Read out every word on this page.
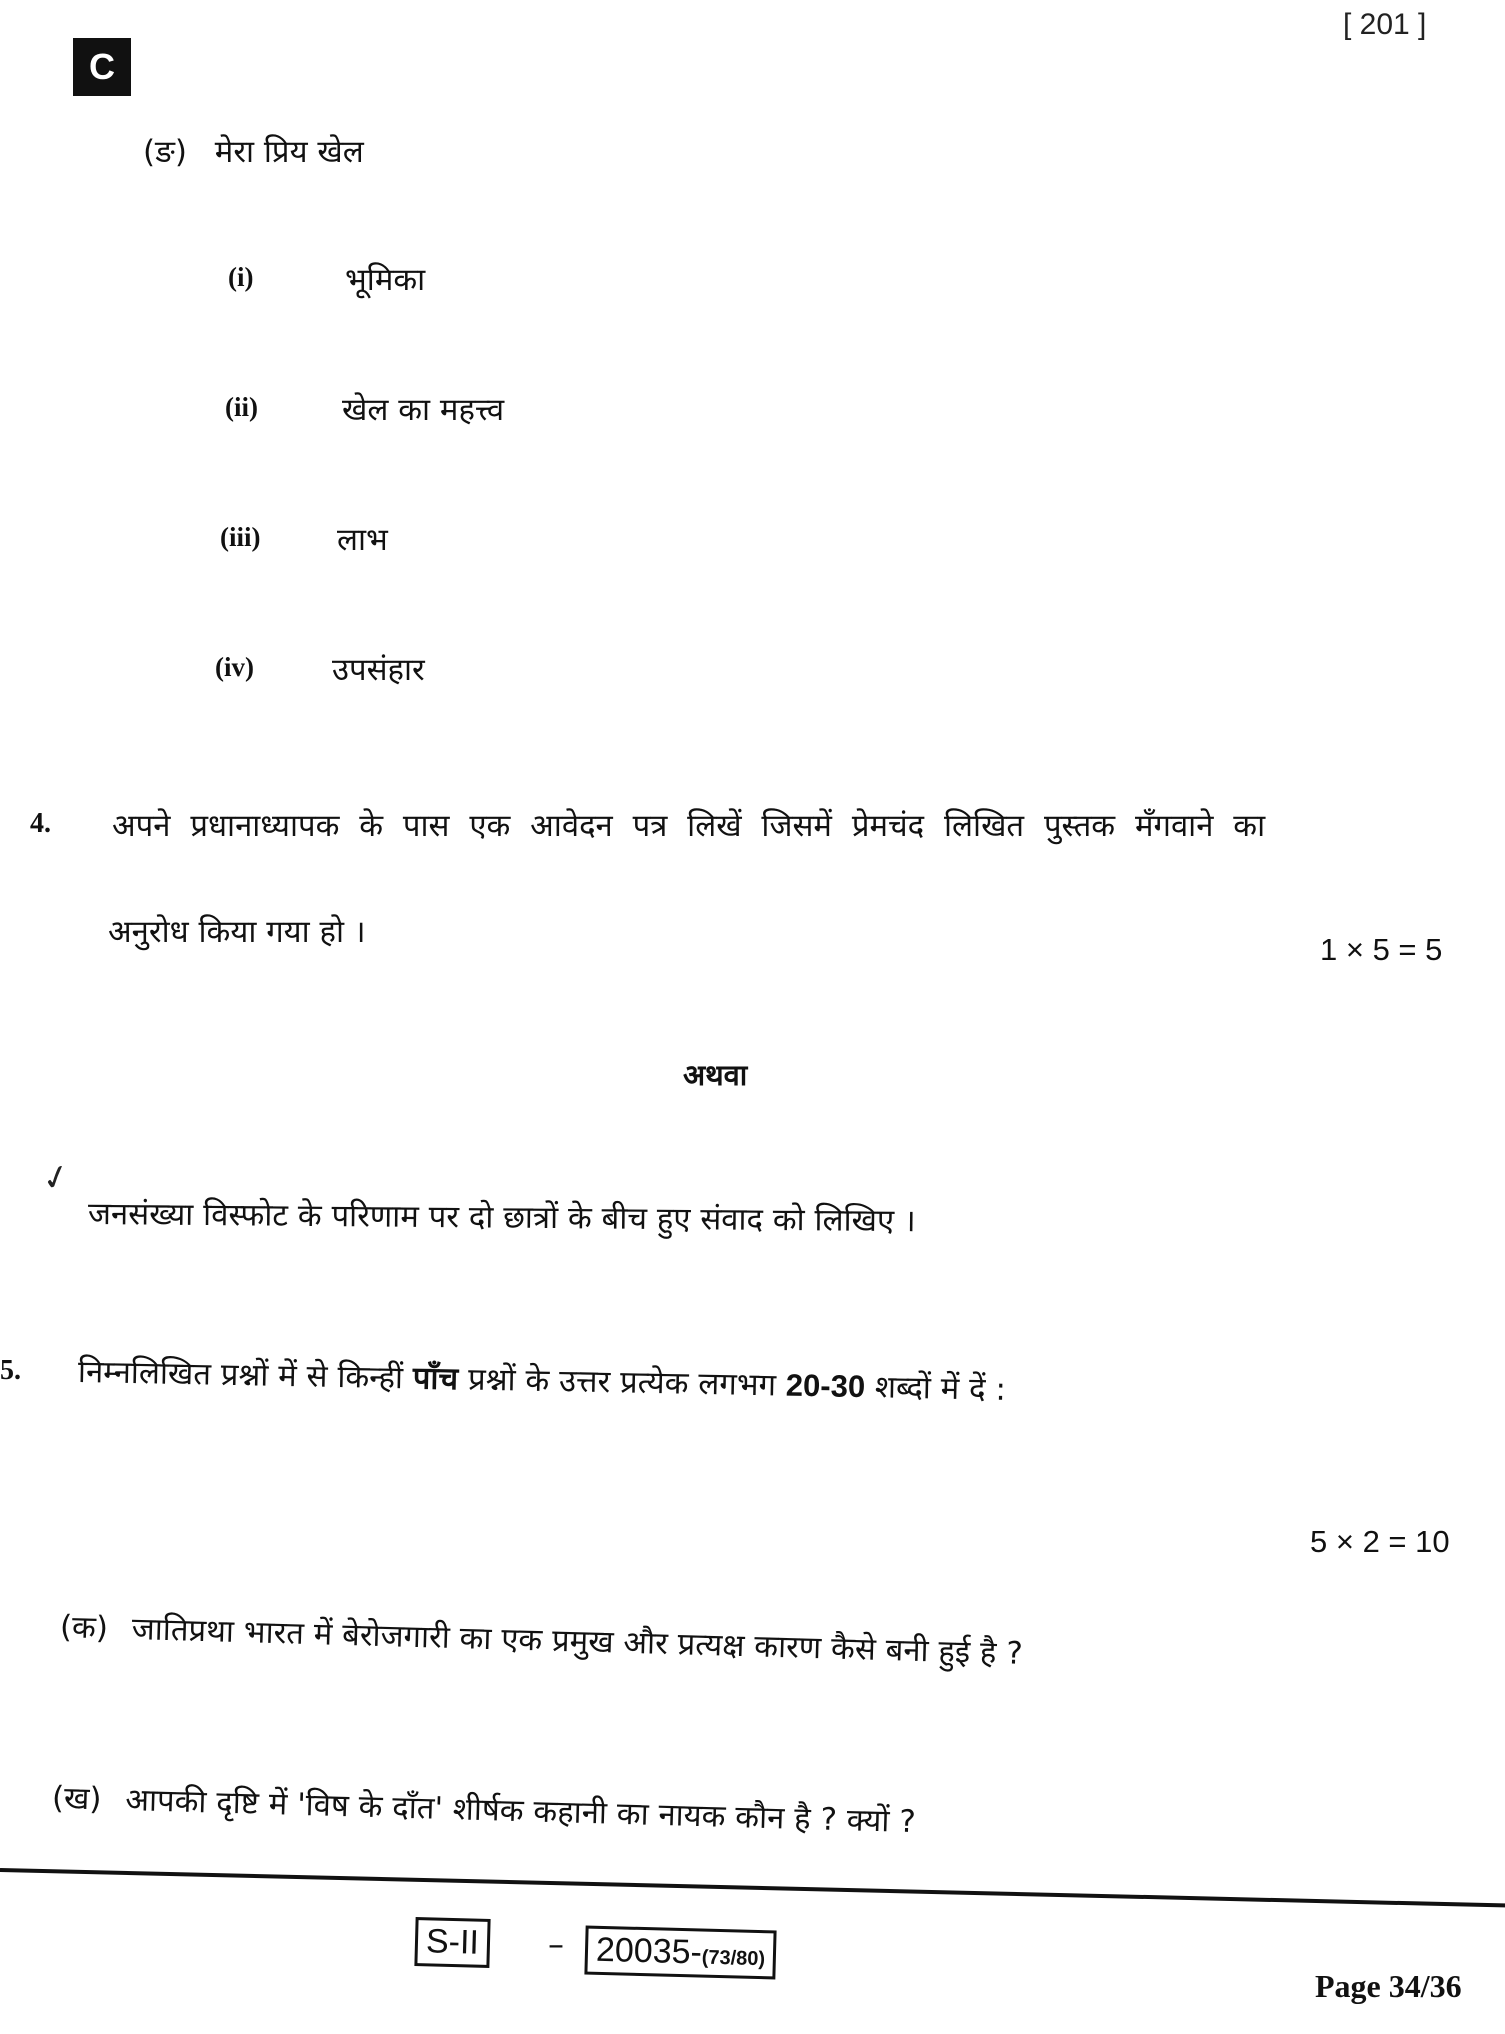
C
[ 201 ]
(ङ) मेरा प्रिय खेल
(i)	भूमिका
(ii)	खेल का महत्त्व
(iii) लाभ
(iv)	उपसंहार
4. अपने प्रधानाध्यापक के पास एक आवेदन पत्र लिखें जिसमें प्रेमचंद लिखित पुस्तक मँगवाने का
अनुरोध किया गया हो ।	1 × 5 = 5
अथवा
✓
जनसंख्या विस्फोट के परिणाम पर दो छात्रों के बीच हुए संवाद को लिखिए ।
5. निम्नलिखित प्रश्नों में से किन्हीं पाँच प्रश्नों के उत्तर प्रत्येक लगभग 20-30 शब्दों में दें :
5 × 2 = 10
(क) जातिप्रथा भारत में बेरोजगारी का एक प्रमुख और प्रत्यक्ष कारण कैसे बनी हुई है ?
(ख) आपकी दृष्टि में 'विष के दाँत' शीर्षक कहानी का नायक कौन है ? क्यों ?
S-II	– 20035-(73/80)
Page 34/36
